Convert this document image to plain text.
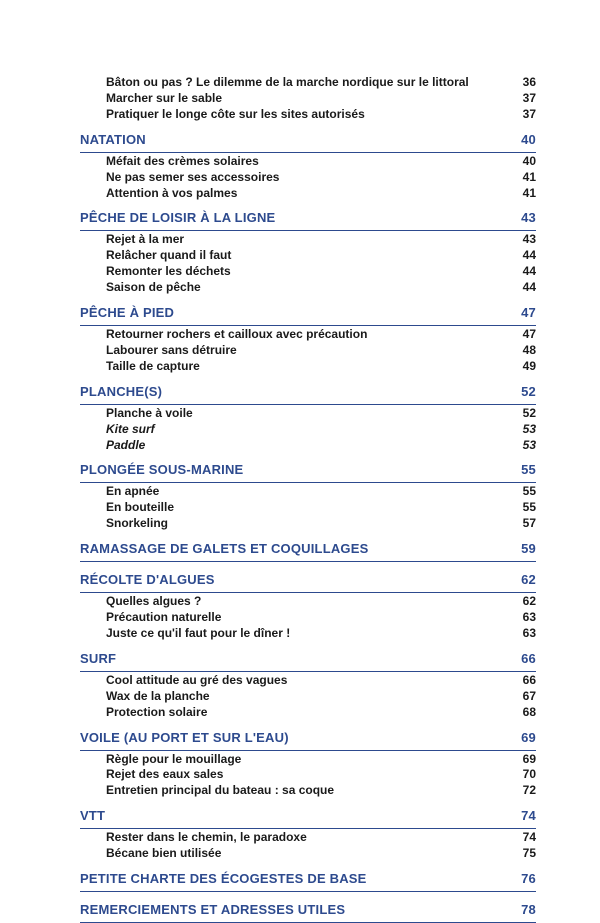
Bâton ou pas ? Le dilemme de la marche nordique sur le littoral	36
Marcher sur le sable	37
Pratiquer le longe côte sur les sites autorisés	37
NATATION	40
Méfait des crèmes solaires	40
Ne pas semer ses accessoires	41
Attention à vos palmes	41
PÊCHE DE LOISIR À LA LIGNE	43
Rejet à la mer	43
Relâcher quand il faut	44
Remonter les déchets	44
Saison de pêche	44
PÊCHE À PIED	47
Retourner rochers et cailloux avec précaution	47
Labourer sans détruire	48
Taille de capture	49
PLANCHE(S)	52
Planche à voile	52
Kite surf	53
Paddle	53
PLONGÉE SOUS-MARINE	55
En apnée	55
En bouteille	55
Snorkeling	57
RAMASSAGE DE GALETS ET COQUILLAGES	59
RÉCOLTE D'ALGUES	62
Quelles algues ?	62
Précaution naturelle	63
Juste ce qu'il faut pour le dîner !	63
SURF	66
Cool attitude au gré des vagues	66
Wax de la planche	67
Protection solaire	68
VOILE (AU PORT ET SUR L'EAU)	69
Règle pour le mouillage	69
Rejet des eaux sales	70
Entretien principal du bateau : sa coque	72
VTT	74
Rester dans le chemin, le paradoxe	74
Bécane bien utilisée	75
PETITE CHARTE DES ÉCOGESTES DE BASE	76
REMERCIEMENTS ET ADRESSES UTILES	78
